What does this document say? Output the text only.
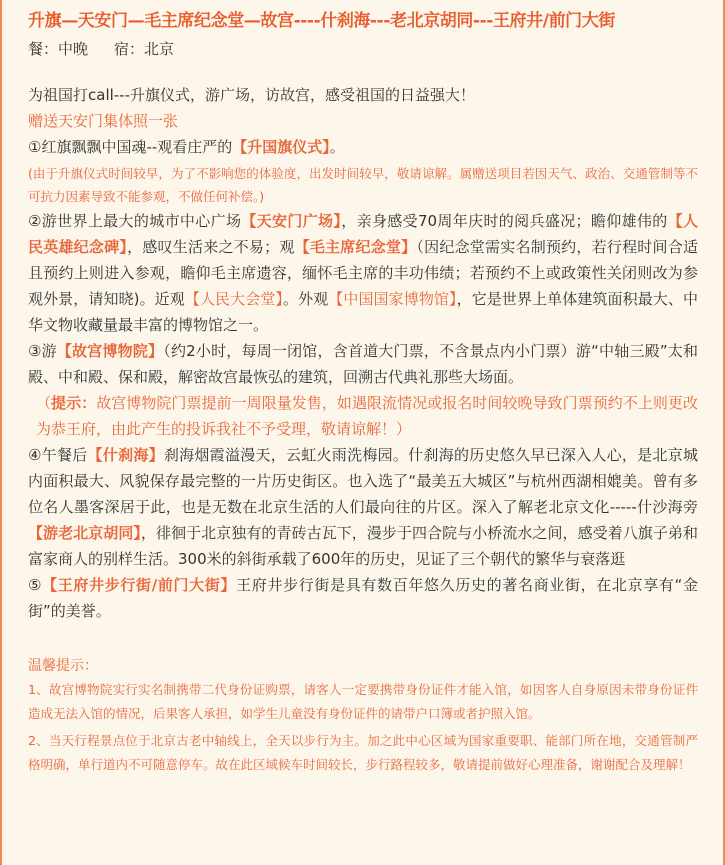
升旗—天安门—毛主席纪念堂—故宫----什刹海---老北京胡同---王府井/前门大街
餐：中晚 宿：北京

为祖国打call---升旗仪式，游广场，访故宫，感受祖国的日益强大！

赠送天安门集体照一张

①红旗飘飘中国魂--观看庄严的【升国旗仪式】。

(由于升旗仪式时间较早，为了不影响您的体验度，出发时间较早，敬请谅解。属赠送项目若因天气、政治、交通管制等不可抗力因素导致不能参观，不做任何补偿。)

②游世界上最大的城市中心广场【天安门广场】，亲身感受70周年庆时的阅兵盛况；瞻仰雄伟的【人民英雄纪念碑】，感叹生活来之不易；观【毛主席纪念堂】（因纪念堂需实名制预约，若行程时间合适且预约上则进入参观，瞻仰毛主席遗容，缅怀毛主席的丰功伟绩；若预约不上或政策性关闭则改为参观外景，请知晓)。近观【人民大会堂】。外观【中国国家博物馆】，它是世界上单体建筑面积最大、中华文物收藏量最丰富的博物馆之一。

③游【故宫博物院】（约2小时，每周一闭馆，含首道大门票，不含景点内小门票）游“中轴三殿”太和殿、中和殿、保和殿，解密故宫最恢弘的建筑，回溯古代典礼那些大场面。

（提示：故宫博物院门票提前一周限量发售，如遇限流情况或报名时间较晚导致门票预约不上则更改为恭王府，由此产生的投诉我社不予受理，敬请谅解！）

④午餐后【什刹海】刹海烟霞溢漫天，云虹火雨洗梅园。什刹海的历史悠久早已深入人心，是北京城内面积最大、风貌保存最完整的一片历史街区。也入选了“最美五大城区”与杭州西湖相媲美。曾有多位名人墨客深居于此，也是无数在北京生活的人们最向往的片区。深入了解老北京文化-----什沙海旁【游老北京胡同】，徘徊于北京独有的青砖古瓦下，漫步于四合院与小桥流水之间，感受着八旗子弟和富家商人的别样生活。300米的斜街承载了600年的历史，见证了三个朝代的繁华与衰落逛

⑤【王府井步行街/前门大街】王府井步行街是具有数百年悠久历史的著名商业街，在北京享有“金街”的美誉。

温馨提示：

1、故宫博物院实行实名制携带二代身份证购票，请客人一定要携带身份证件才能入馆，如因客人自身原因未带身份证件造成无法入馆的情况，后果客人承担，如学生儿童没有身份证件的请带户口簿或者护照入馆。

2、当天行程景点位于北京古老中轴线上，全天以步行为主。加之此中心区域为国家重要职、能部门所在地，交通管制严格明确，单行道内不可随意停车。故在此区域候车时间较长，步行路程较多，敬请提前做好心理准备，谢谢配合及理解！
